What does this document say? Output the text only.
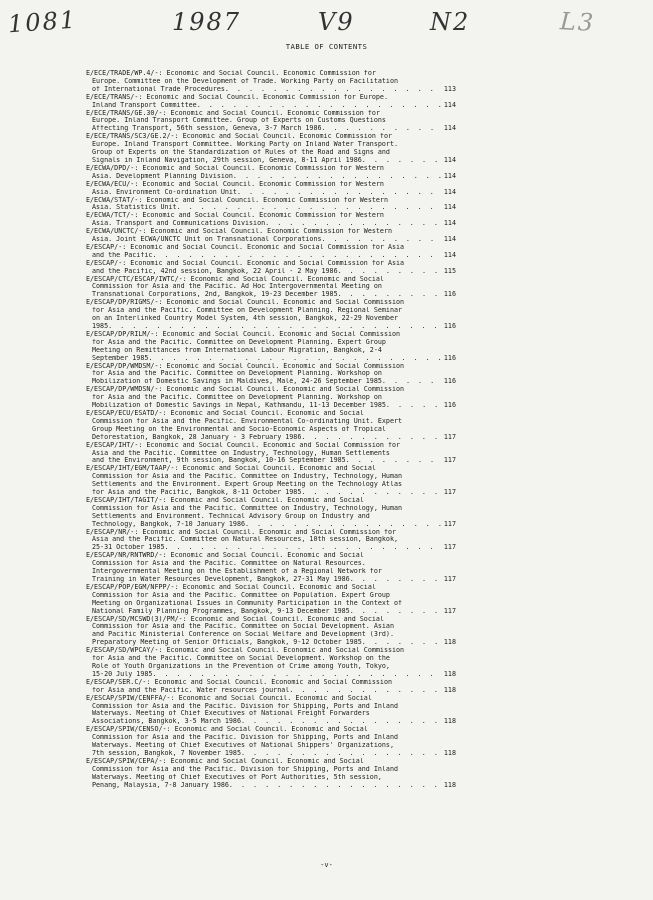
1081	1987	V9	N2	L3
TABLE OF CONTENTS
E/ECE/TRADE/WP.4/-: Economic and Social Council. Economic Commission for
Europe. Committee on the Development of Trade. Working Party on Facilitation
of International Trade Procedures . . .	113
E/ECE/TRANS/-: Economic and Social Council. Economic Commission for Europe.
Inland Transport Committee . . .	114
E/ECE/TRANS/GE.30/-: Economic and Social Council. Economic Commission for
Europe. Inland Transport Committee. Group of Experts on Customs Questions
Affecting Transport, 56th session, Geneva, 3-7 March 1986 . . .	114
E/ECE/TRANS/SC3/GE.2/-: Economic and Social Council. Economic Commission for
Europe. Inland Transport Committee. Working Party on Inland Water Transport.
Group of Experts on the Standardization of Rules of the Road and Signs and
Signals in Inland Navigation, 29th session, Geneva, 8-11 April 1986 . . .	114
E/ECWA/DPD/-: Economic and Social Council. Economic Commission for Western
Asia. Development Planning Division . . .	114
E/ECWA/ECU/-: Economic and Social Council. Economic Commission for Western
Asia. Environment Co-ordination Unit . . .	114
E/ECWA/STAT/-: Economic and Social Council. Economic Commission for Western
Asia. Statistics Unit . . .	114
E/ECWA/TCT/-: Economic and Social Council. Economic Commission for Western
Asia. Transport and Communications Division . . .	114
E/ECWA/UNCTC/-: Economic and Social Council. Economic Commission for Western
Asia. Joint ECWA/UNCTC Unit on Transnational Corporations . . .	114
E/ESCAP/-: Economic and Social Council. Economic and Social Commission for Asia
and the Pacific . . .	114
E/ESCAP/-: Economic and Social Council. Economic and Social Commission for Asia
and the Pacific, 42nd session, Bangkok, 22 April - 2 May 1986 . . .	115
E/ESCAP/CTC/ESCAP/IWTC/-: Economic and Social Council. Economic and Social
Commission for Asia and the Pacific. Ad Hoc Intergovernmental Meeting on
Transnational Corporations, 2nd, Bangkok, 19-23 December 1985 . . .	116
E/ESCAP/DP/RIGMS/-: Economic and Social Council. Economic and Social Commission
for Asia and the Pacific. Committee on Development Planning. Regional Seminar
on an Interlinked Country Model System, 4th session, Bangkok, 22-29 November
1985 . . .	116
E/ESCAP/DP/RILM/-: Economic and Social Council. Economic and Social Commission
for Asia and the Pacific. Committee on Development Planning. Expert Group
Meeting on Remittances from International Labour Migration, Bangkok, 2-4
September 1985 . . .	116
E/ESCAP/DP/WMDSM/-: Economic and Social Council. Economic and Social Commission
for Asia and the Pacific. Committee on Development Planning. Workshop on
Mobilization of Domestic Savings in Maldives, Malé, 24-26 September 1985 . . .	116
E/ESCAP/DP/WMDSN/-: Economic and Social Council. Economic and Social Commission
for Asia and the Pacific. Committee on Development Planning. Workshop on
Mobilization of Domestic Savings in Nepal, Kathmandu, 11-13 December 1985 . . .	116
E/ESCAP/ECU/ESATD/-: Economic and Social Council. Economic and Social
Commission for Asia and the Pacific. Environmental Co-ordinating Unit. Expert
Group Meeting on the Environmental and Socio-Economic Aspects of Tropical
Deforestation, Bangkok, 28 January - 3 February 1986 . . .	117
E/ESCAP/IHT/-: Economic and Social Council. Economic and Social Commission for
Asia and the Pacific. Committee on Industry, Technology, Human Settlements
and the Environment, 9th session, Bangkok, 10-16 September 1985 . . .	117
E/ESCAP/IHT/EGM/TAAP/-: Economic and Social Council. Economic and Social
Commission for Asia and the Pacific. Committee on Industry, Technology, Human
Settlements and the Environment. Expert Group Meeting on the Technology Atlas
for Asia and the Pacific, Bangkok, 8-11 October 1985 . . .	117
E/ESCAP/IHT/TAGIT/-: Economic and Social Council. Economic and Social
Commission for Asia and the Pacific. Committee on Industry, Technology, Human
Settlements and Environment. Technical Advisory Group on Industry and
Technology, Bangkok, 7-10 January 1986 . . .	117
E/ESCAP/NR/-: Economic and Social Council. Economic and Social Commission for
Asia and the Pacific. Committee on Natural Resources, 10th session, Bangkok,
25-31 October 1985 . . .	117
E/ESCAP/NR/RNTWRD/-: Economic and Social Council. Economic and Social
Commission for Asia and the Pacific. Committee on Natural Resources.
Intergovernmental Meeting on the Establishment of a Regional Network for
Training in Water Resources Development, Bangkok, 27-31 May 1986 . . .	117
E/ESCAP/POP/EGM/NFPP/-: Economic and Social Council. Economic and Social
Commission for Asia and the Pacific. Committee on Population. Expert Group
Meeting on Organizational Issues in Community Participation in the Context of
National Family Planning Programmes, Bangkok, 9-13 December 1985 . . .	117
E/ESCAP/SD/MCSWD(3)/PM/-: Economic and Social Council. Economic and Social
Commission for Asia and the Pacific. Committee on Social Development. Asian
and Pacific Ministerial Conference on Social Welfare and Development (3rd).
Preparatory Meeting of Senior Officials, Bangkok, 9-12 October 1985 . . .	118
E/ESCAP/SD/WPCAY/-: Economic and Social Council. Economic and Social Commission
for Asia and the Pacific. Committee on Social Development. Workshop on the
Role of Youth Organizations in the Prevention of Crime among Youth, Tokyo,
15-20 July 1985 . . .	118
E/ESCAP/SER.C/-: Economic and Social Council. Economic and Social Commission
for Asia and the Pacific. Water resources journal . . .	118
E/ESCAP/SPIW/CENFFA/-: Economic and Social Council. Economic and Social
Commission for Asia and the Pacific. Division for Shipping, Ports and Inland
Waterways. Meeting of Chief Executives of National Freight Forwarders
Associations, Bangkok, 3-5 March 1986 . . .	118
E/ESCAP/SPIW/CENSO/-: Economic and Social Council. Economic and Social
Commission for Asia and the Pacific. Division for Shipping, Ports and Inland
Waterways. Meeting of Chief Executives of National Shippers' Organizations,
7th session, Bangkok, 7 November 1985 . . .	118
E/ESCAP/SPIW/CEPA/-: Economic and Social Council. Economic and Social
Commission for Asia and the Pacific. Division for Shipping, Ports and Inland
Waterways. Meeting of Chief Executives of Port Authorities, 5th session,
Penang, Malaysia, 7-8 January 1986 . . .	118
-v-
